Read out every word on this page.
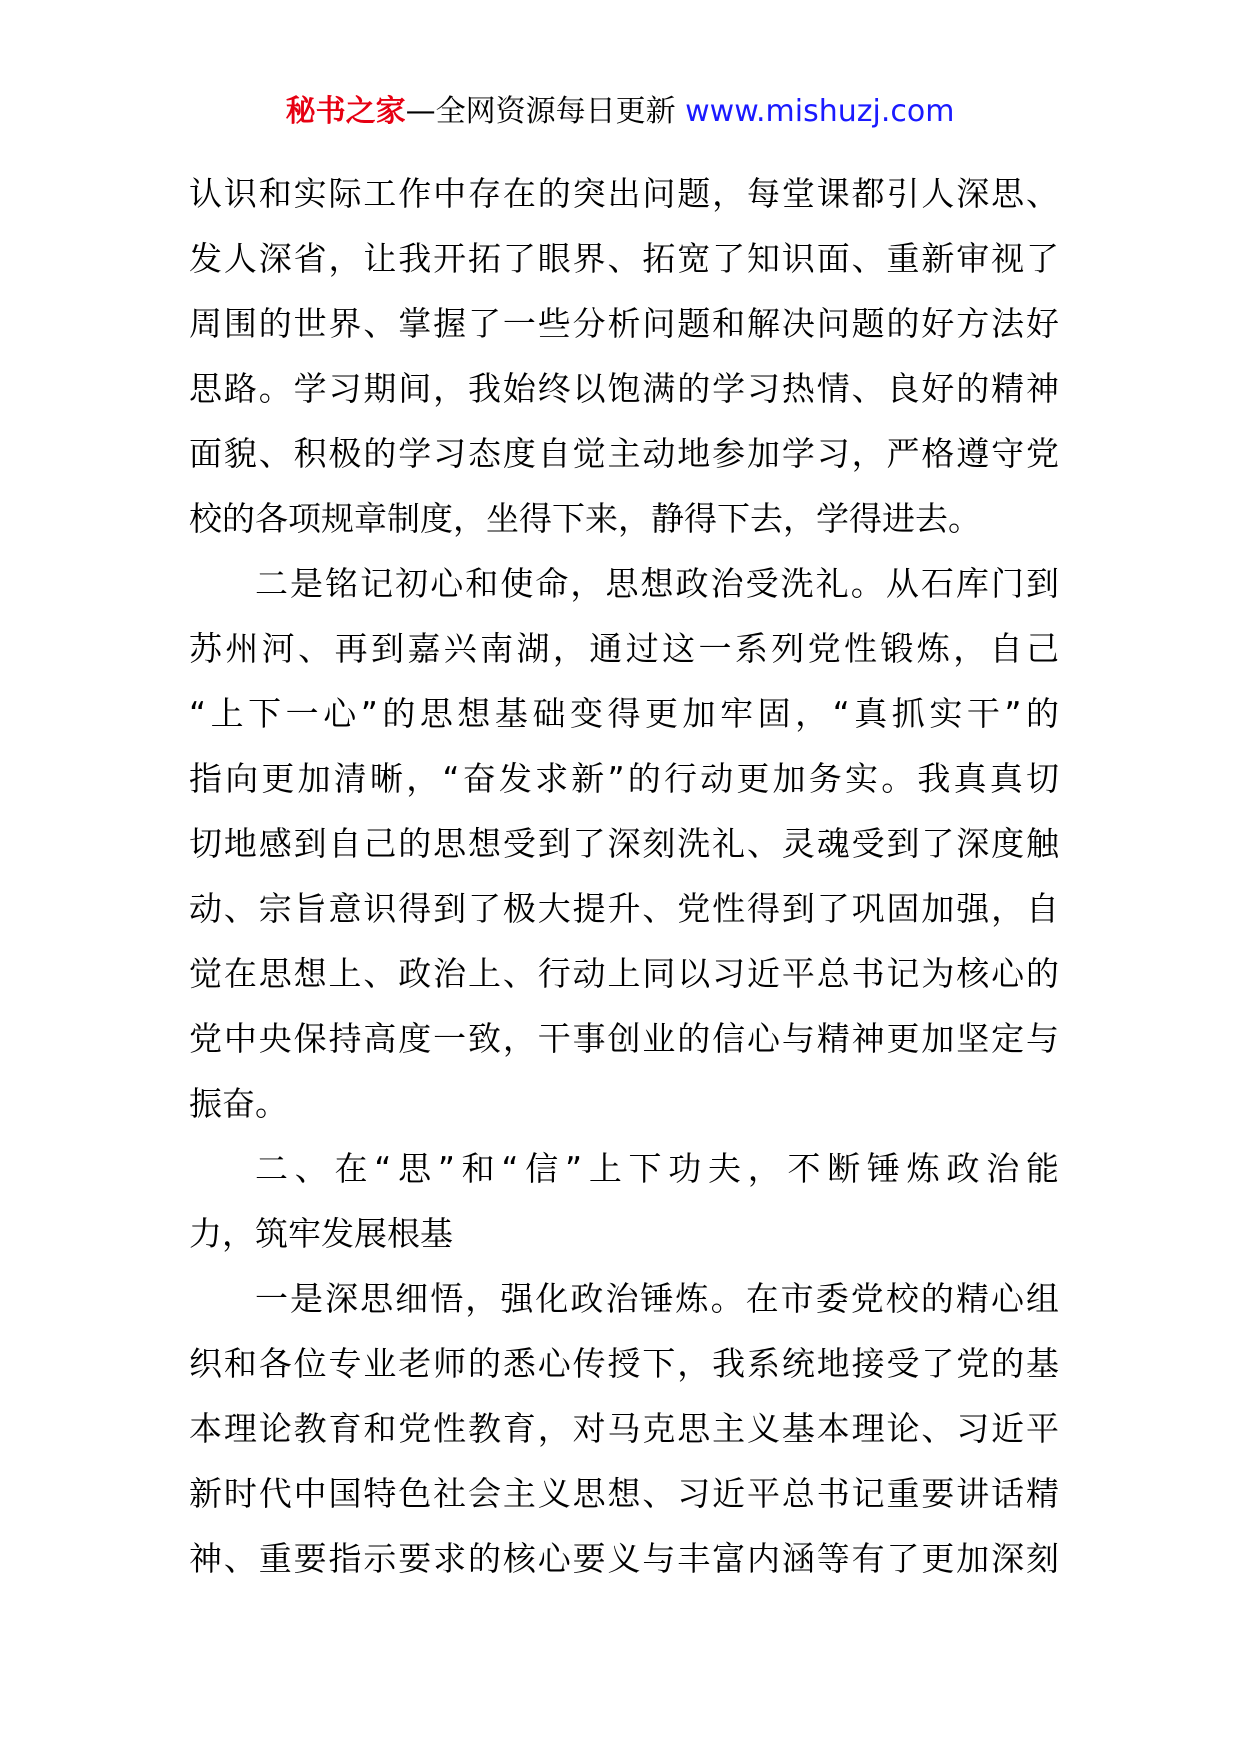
秘书之家—全网资源每日更新 www.mishuzj.com
认识和实际工作中存在的突出问题，每堂课都引人深思、
发人深省，让我开拓了眼界、拓宽了知识面、重新审视了
周围的世界、掌握了一些分析问题和解决问题的好方法好
思路。学习期间，我始终以饱满的学习热情、良好的精神
面貌、积极的学习态度自觉主动地参加学习，严格遵守党
校的各项规章制度，坐得下来，静得下去，学得进去。
二是铭记初心和使命，思想政治受洗礼。从石库门到
苏州河、再到嘉兴南湖，通过这一系列党性锻炼，自己
“上下一心”的思想基础变得更加牢固，“真抓实干”的
指向更加清晰，“奋发求新”的行动更加务实。我真真切
切地感到自己的思想受到了深刻洗礼、灵魂受到了深度触
动、宗旨意识得到了极大提升、党性得到了巩固加强，自
觉在思想上、政治上、行动上同以习近平总书记为核心的
党中央保持高度一致，干事创业的信心与精神更加坚定与
振奋。
二、在“思”和“信”上下功夫，不断锤炼政治能
力，筑牢发展根基
一是深思细悟，强化政治锤炼。在市委党校的精心组
织和各位专业老师的悉心传授下，我系统地接受了党的基
本理论教育和党性教育，对马克思主义基本理论、习近平
新时代中国特色社会主义思想、习近平总书记重要讲话精
神、重要指示要求的核心要义与丰富内涵等有了更加深刻
